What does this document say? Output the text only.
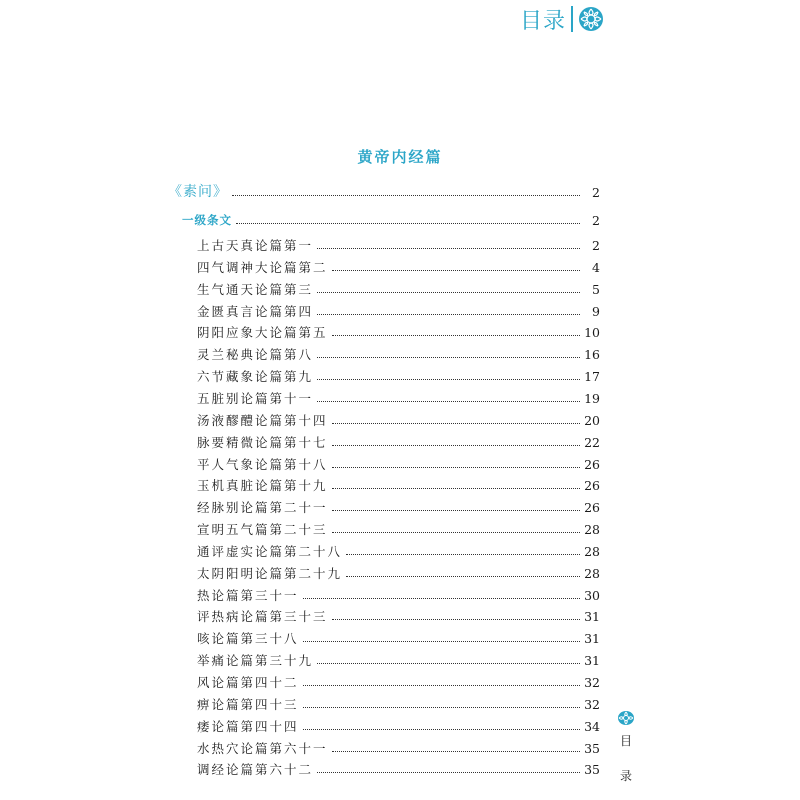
目录
黄帝内经篇
《素问》	2
一级条文	2
上古天真论篇第一	2
四气调神大论篇第二	4
生气通天论篇第三	5
金匮真言论篇第四	9
阴阳应象大论篇第五	10
灵兰秘典论篇第八	16
六节藏象论篇第九	17
五脏别论篇第十一	19
汤液醪醴论篇第十四	20
脉要精微论篇第十七	22
平人气象论篇第十八	26
玉机真脏论篇第十九	26
经脉别论篇第二十一	26
宣明五气篇第二十三	28
通评虚实论篇第二十八	28
太阴阳明论篇第二十九	28
热论篇第三十一	30
评热病论篇第三十三	31
咳论篇第三十八	31
举痛论篇第三十九	31
风论篇第四十二	32
痹论篇第四十三	32
痿论篇第四十四	34
水热穴论篇第六十一	35
调经论篇第六十二	35
目
录
